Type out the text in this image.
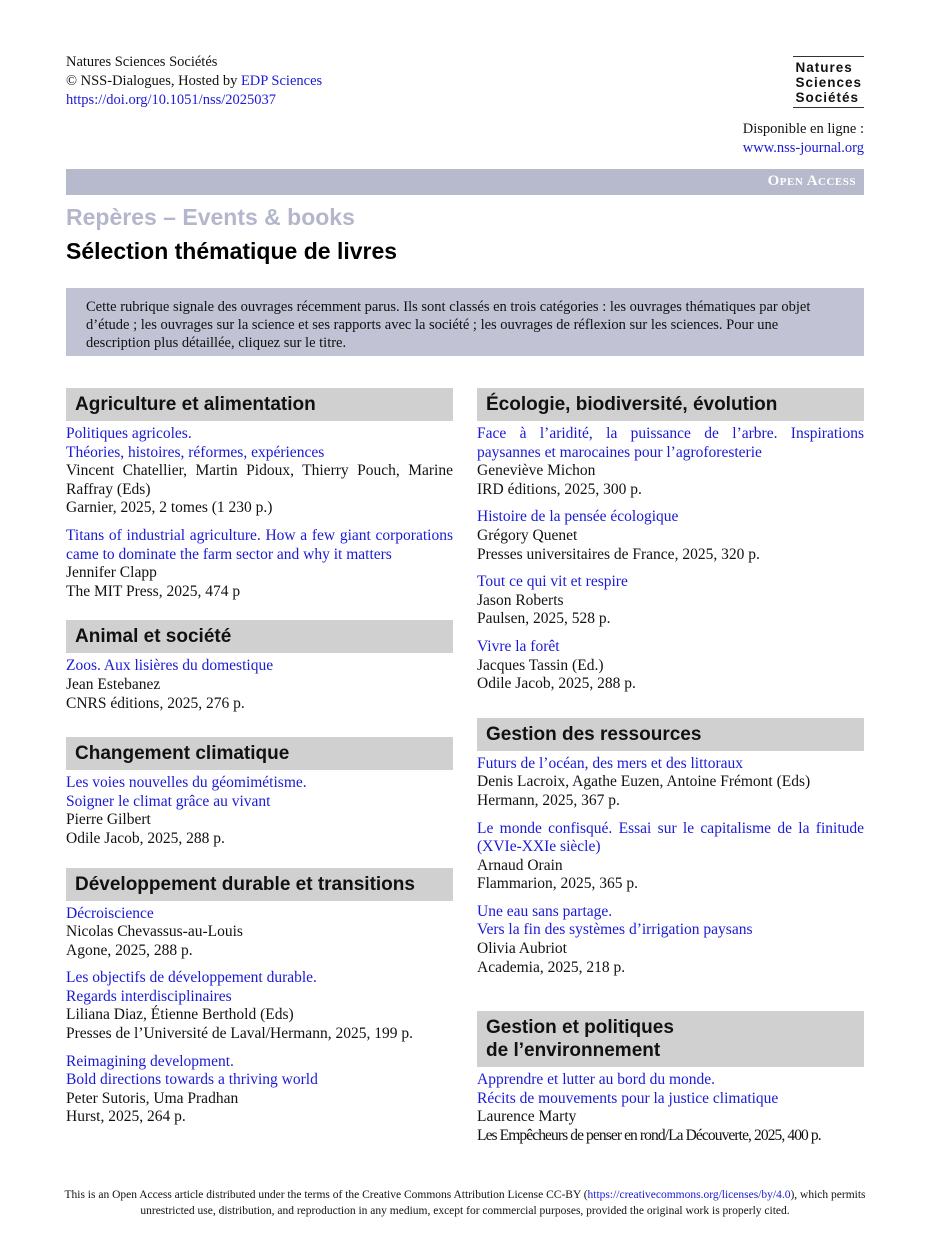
Natures Sciences Sociétés
© NSS-Dialogues, Hosted by EDP Sciences
https://doi.org/10.1051/nss/2025037
Natures
Sciences
Sociétés
Disponible en ligne :
www.nss-journal.org
Open Access
Repères – Events & books
Sélection thématique de livres
Cette rubrique signale des ouvrages récemment parus. Ils sont classés en trois catégories : les ouvrages thématiques par objet d’étude ; les ouvrages sur la science et ses rapports avec la société ; les ouvrages de réflexion sur les sciences. Pour une description plus détaillée, cliquez sur le titre.
Agriculture et alimentation
Politiques agricoles.
Théories, histoires, réformes, expériences
Vincent Chatellier, Martin Pidoux, Thierry Pouch, Marine Raffray (Eds)
Garnier, 2025, 2 tomes (1 230 p.)
Titans of industrial agriculture. How a few giant corporations came to dominate the farm sector and why it matters
Jennifer Clapp
The MIT Press, 2025, 474 p
Animal et société
Zoos. Aux lisières du domestique
Jean Estebanez
CNRS éditions, 2025, 276 p.
Changement climatique
Les voies nouvelles du géomimétisme.
Soigner le climat grâce au vivant
Pierre Gilbert
Odile Jacob, 2025, 288 p.
Développement durable et transitions
Décroiscience
Nicolas Chevassus-au-Louis
Agone, 2025, 288 p.
Les objectifs de développement durable.
Regards interdisciplinaires
Liliana Diaz, Étienne Berthold (Eds)
Presses de l’Université de Laval/Hermann, 2025, 199 p.
Reimagining development.
Bold directions towards a thriving world
Peter Sutoris, Uma Pradhan
Hurst, 2025, 264 p.
Écologie, biodiversité, évolution
Face à l’aridité, la puissance de l’arbre. Inspirations paysannes et marocaines pour l’agroforesterie
Geneviève Michon
IRD éditions, 2025, 300 p.
Histoire de la pensée écologique
Grégory Quenet
Presses universitaires de France, 2025, 320 p.
Tout ce qui vit et respire
Jason Roberts
Paulsen, 2025, 528 p.
Vivre la forêt
Jacques Tassin (Ed.)
Odile Jacob, 2025, 288 p.
Gestion des ressources
Futurs de l’océan, des mers et des littoraux
Denis Lacroix, Agathe Euzen, Antoine Frémont (Eds)
Hermann, 2025, 367 p.
Le monde confisqué. Essai sur le capitalisme de la finitude (XVIe-XXIe siècle)
Arnaud Orain
Flammarion, 2025, 365 p.
Une eau sans partage.
Vers la fin des systèmes d’irrigation paysans
Olivia Aubriot
Academia, 2025, 218 p.
Gestion et politiques de l’environnement
Apprendre et lutter au bord du monde.
Récits de mouvements pour la justice climatique
Laurence Marty
Les Empêcheurs de penser en rond/La Découverte, 2025, 400 p.
This is an Open Access article distributed under the terms of the Creative Commons Attribution License CC-BY (https://creativecommons.org/licenses/by/4.0), which permits unrestricted use, distribution, and reproduction in any medium, except for commercial purposes, provided the original work is properly cited.
